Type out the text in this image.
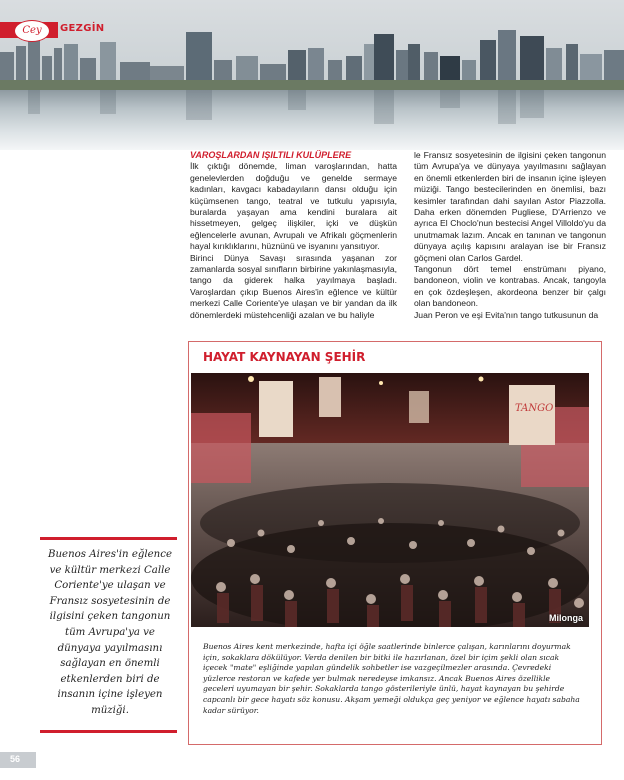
Cey	GEZGİN
VAROŞLARDAN IŞILTILI KULÜPLERE

İlk çıktığı dönemde, liman varoşlarından, hatta genelevlerden doğduğu ve genelde sermaye kadınları, kavgacı kabadayıların dansı olduğu için küçümsenen tango, teatral ve tutkulu yapısıyla, buralarda yaşayan ama kendini buralara ait hissetmeyen, gelgeç ilişkiler, içki ve düşkün eğlencelerle avunan, Avrupalı ve Afrikalı göçmenlerin hayal kırıklıklarını, hüznünü ve isyanını yansıtıyor.

Birinci Dünya Savaşı sırasında yaşanan zor zamanlarda sosyal sınıfların birbirine yakınlaşmasıyla, tango da giderek halka yayılmaya başladı. Varoşlardan çıkıp Buenos Aires'in eğlence ve kültür merkezi Calle Coriente'ye ulaşan ve bir yandan da ilk dönemlerdeki müstehcenliği azalan ve bu haliyle

le Fransız sosyetesinin de ilgisini çeken tangonun tüm Avrupa'ya ve dünyaya yayılmasını sağlayan en önemli etkenlerden biri de insanın içine işleyen müziği. Tango bestecilerinden en önemlisi, bazı kesimler tarafından dahi sayılan Astor Piazzolla. Daha erken dönemden Pugliese, D'Arrienzo ve ayrıca El Choclo'nun bestecisi Angel Villoldo'yu da unutmamak lazım. Ancak en tanınan ve tangonun dünyaya açılış kapısını aralayan ise bir Fransız göçmeni olan Carlos Gardel.

Tangonun dört temel enstrümanı piyano, bandoneon, violin ve kontrabas. Ancak, tangoyla en çok özdeşleşen, akordeona benzer bir çalgı olan bandoneon.

Juan Peron ve eşi Evita'nın tango tutkusunun da

HAYAT KAYNAYAN ŞEHİR
TANGO
Milonga
Buenos Aires kent merkezinde, hafta içi öğle saatlerinde binlerce çalışan, karınlarını doyurmak için, sokaklara dökülüyor. Verda denilen bir bitki ile hazırlanan, özel bir içim şekli olan sıcak içecek "mate" eşliğinde yapılan gündelik sohbetler ise vazgeçilmezler arasında. Çevredeki yüzlerce restoran ve kafede yer bulmak neredeyse imkansız. Ancak Buenos Aires özellikle geceleri uyumayan bir şehir. Sokaklarda tango gösterileriyle ünlü, hayat kaynayan bu şehirde capcanlı bir gece hayatı söz konusu. Akşam yemeği oldukça geç yeniyor ve eğlence hayatı sabaha kadar sürüyor.
Buenos Aires'in eğlence ve kültür merkezi Calle Coriente'ye ulaşan ve Fransız sosyetesinin de ilgisini çeken tangonun tüm Avrupa'ya ve dünyaya yayılmasını sağlayan en önemli etkenlerden biri de insanın içine işleyen müziği.
56
